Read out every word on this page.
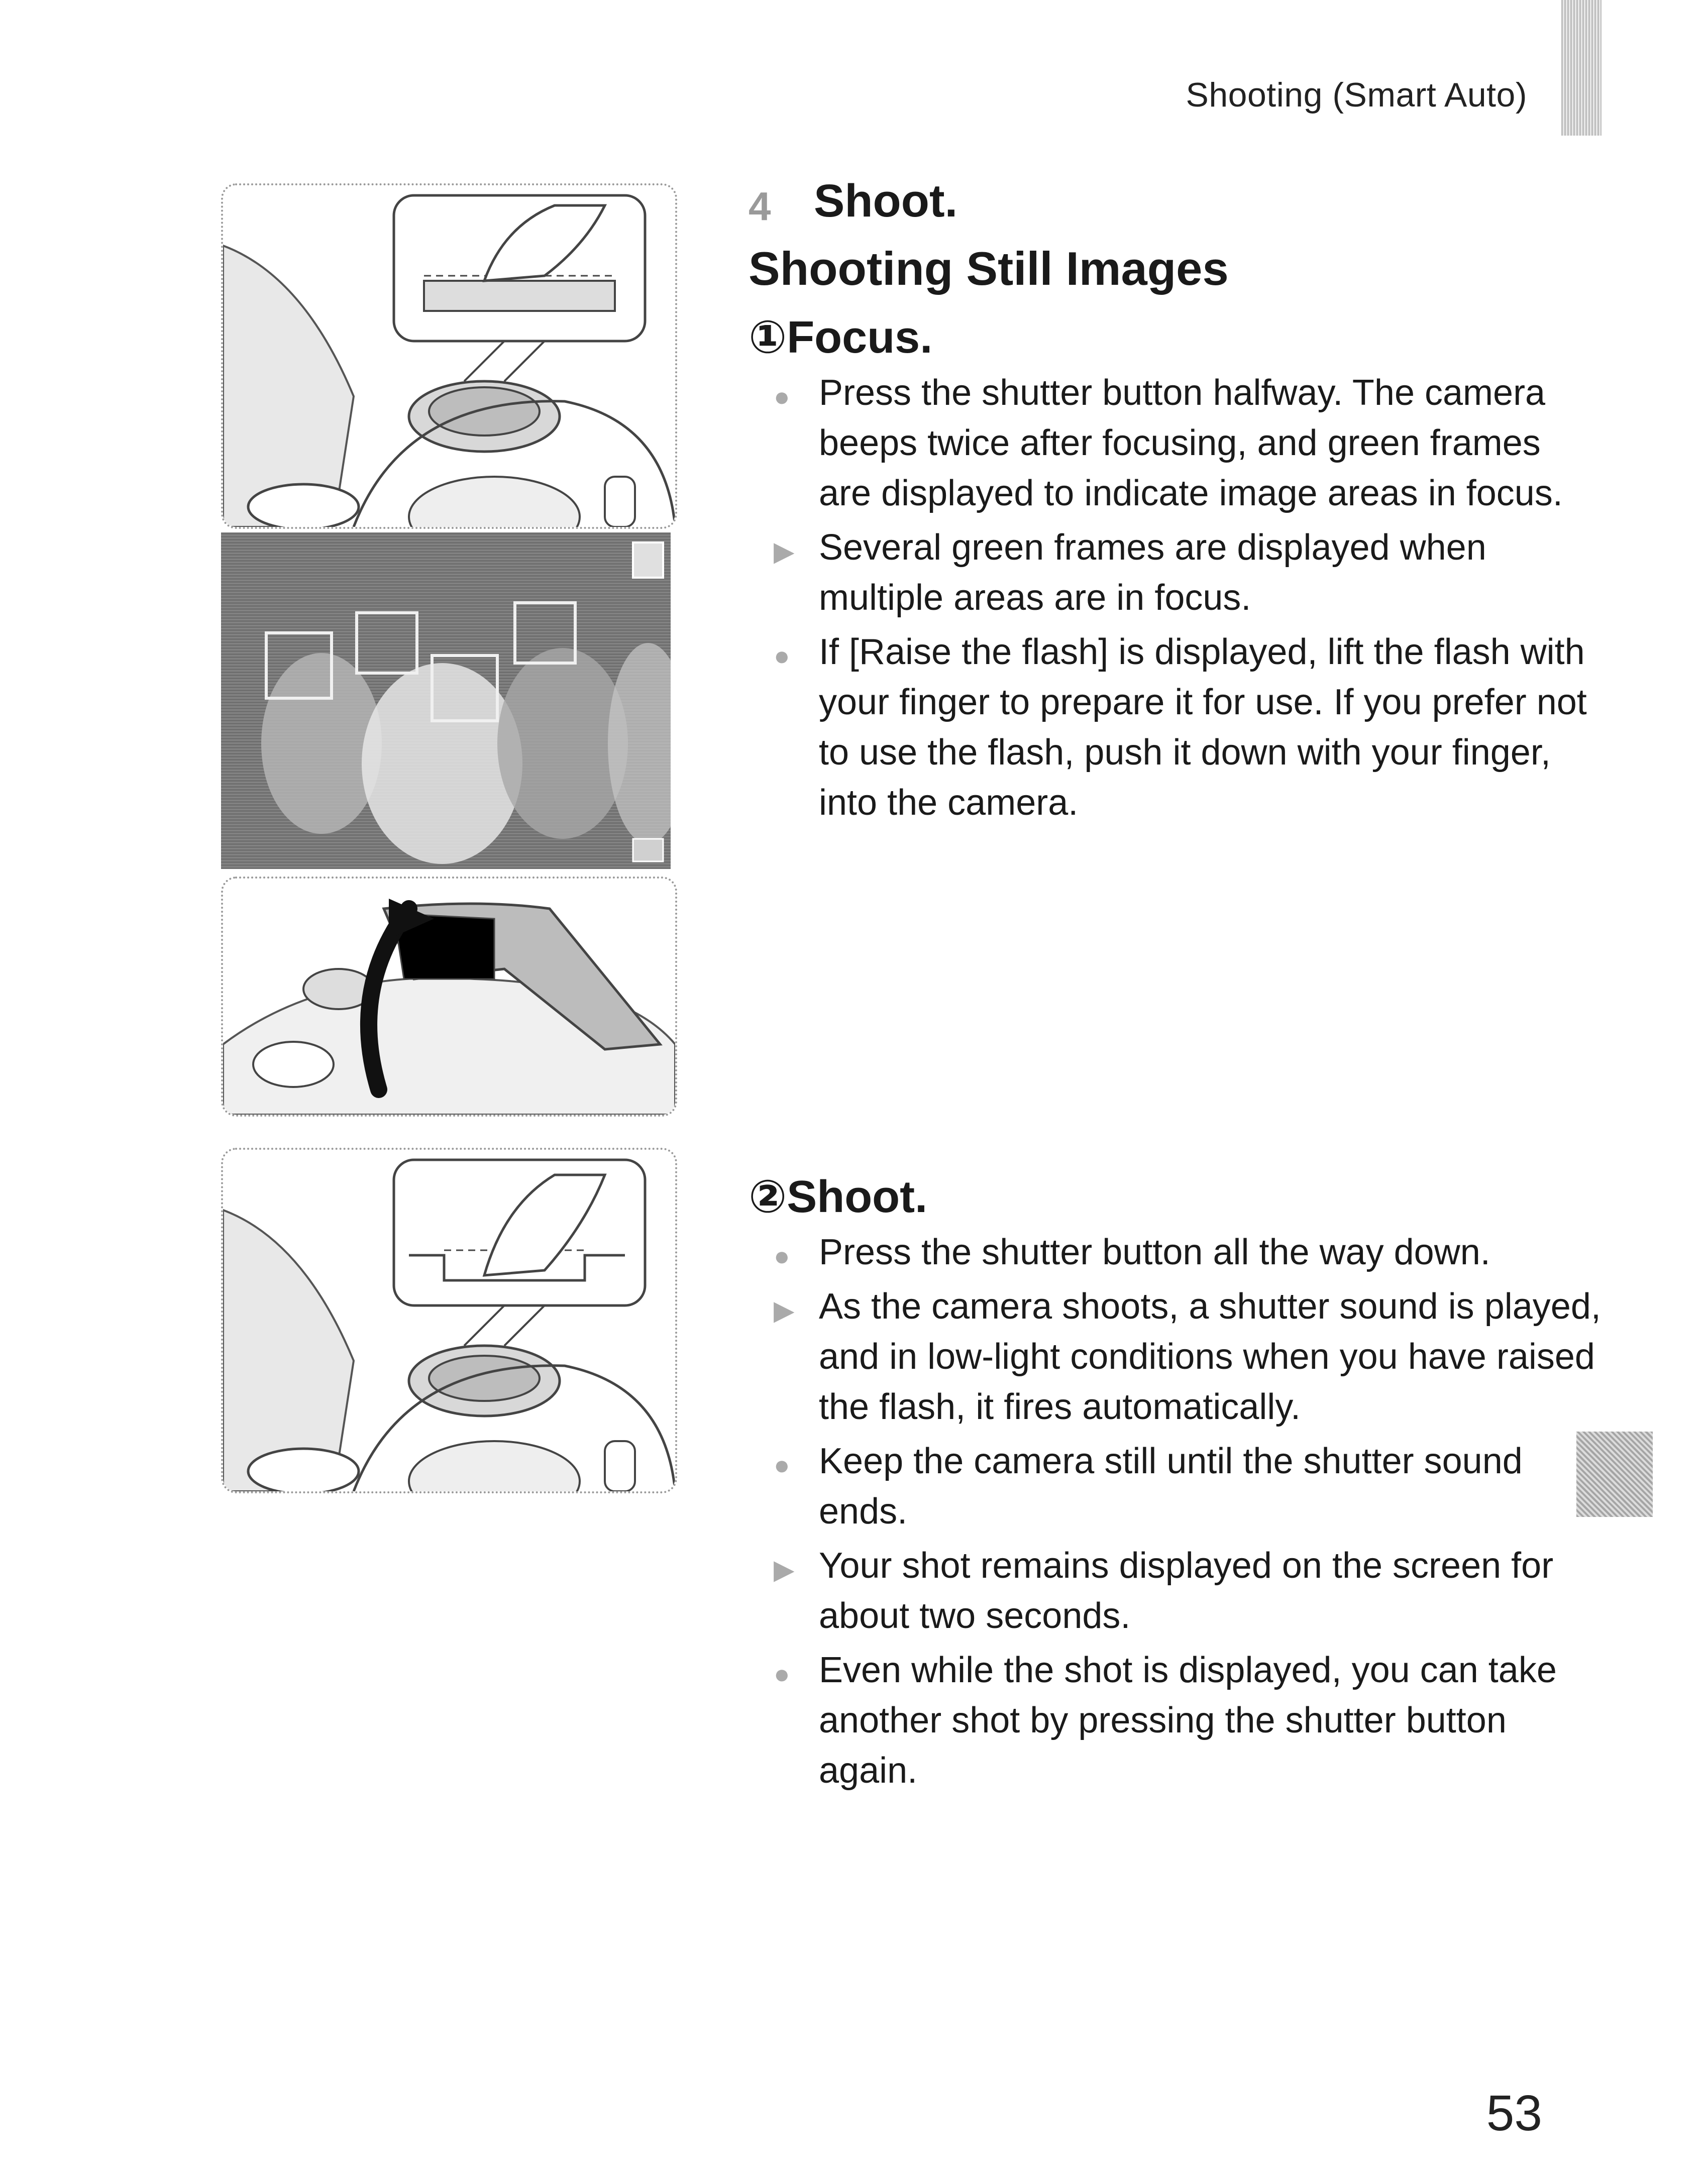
Shooting (Smart Auto)
4 Shoot.
Shooting Still Images
①Focus.
● Press the shutter button halfway. The camera beeps twice after focusing, and green frames are displayed to indicate image areas in focus.
▶ Several green frames are displayed when multiple areas are in focus.
● If [Raise the flash] is displayed, lift the flash with your finger to prepare it for use. If you prefer not to use the flash, push it down with your finger, into the camera.
②Shoot.
● Press the shutter button all the way down.
▶ As the camera shoots, a shutter sound is played, and in low-light conditions when you have raised the flash, it fires automatically.
● Keep the camera still until the shutter sound ends.
▶ Your shot remains displayed on the screen for about two seconds.
● Even while the shot is displayed, you can take another shot by pressing the shutter button again.
53
